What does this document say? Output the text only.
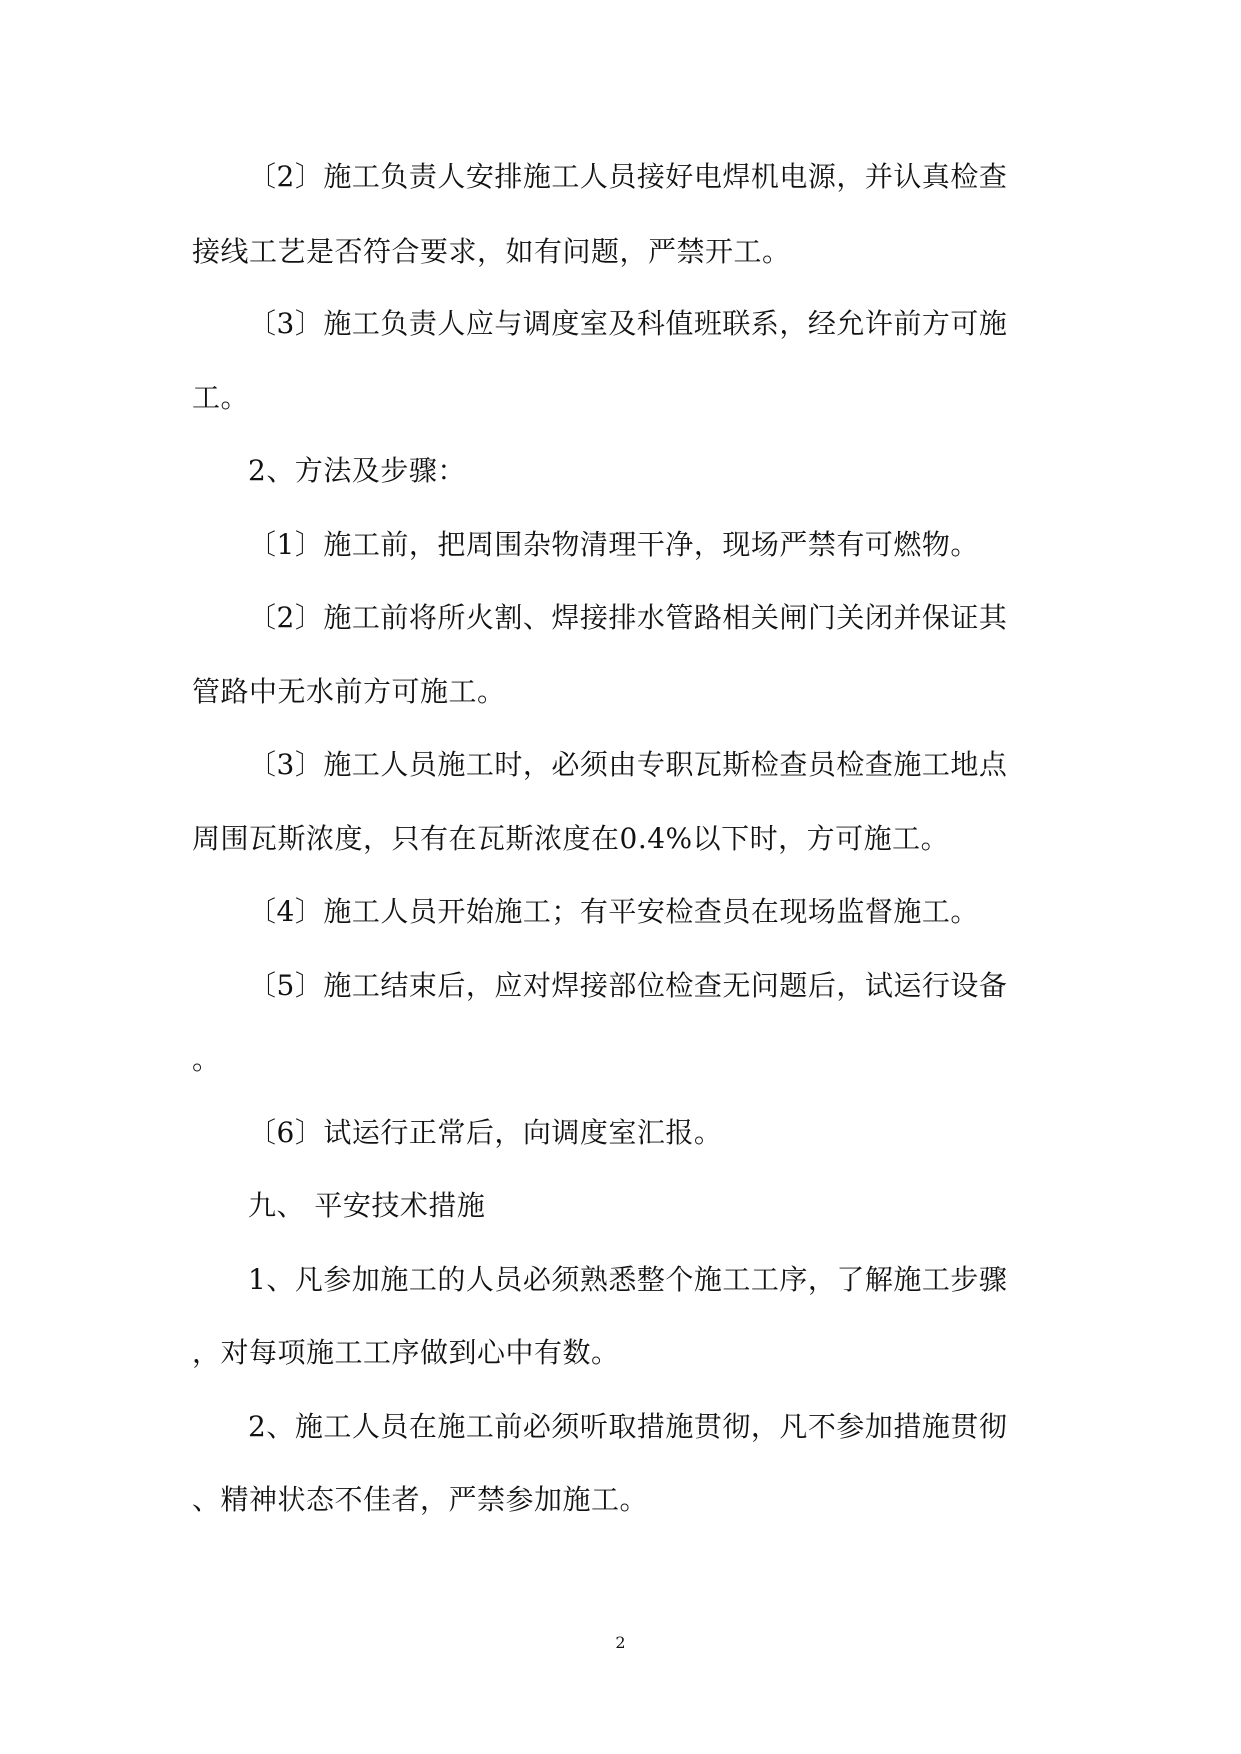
〔2〕施工负责人安排施工人员接好电焊机电源，并认真检查
接线工艺是否符合要求，如有问题，严禁开工。
〔3〕施工负责人应与调度室及科值班联系，经允许前方可施
工。
2、方法及步骤：
〔1〕施工前，把周围杂物清理干净，现场严禁有可燃物。
〔2〕施工前将所火割、焊接排水管路相关闸门关闭并保证其
管路中无水前方可施工。
〔3〕施工人员施工时，必须由专职瓦斯检查员检查施工地点
周围瓦斯浓度，只有在瓦斯浓度在0.4%以下时，方可施工。
〔4〕施工人员开始施工；有平安检查员在现场监督施工。
〔5〕施工结束后，应对焊接部位检查无问题后，试运行设备
。
〔6〕试运行正常后，向调度室汇报。
九、 平安技术措施
1、凡参加施工的人员必须熟悉整个施工工序，了解施工步骤
，对每项施工工序做到心中有数。
2、施工人员在施工前必须听取措施贯彻，凡不参加措施贯彻
、精神状态不佳者，严禁参加施工。
2
